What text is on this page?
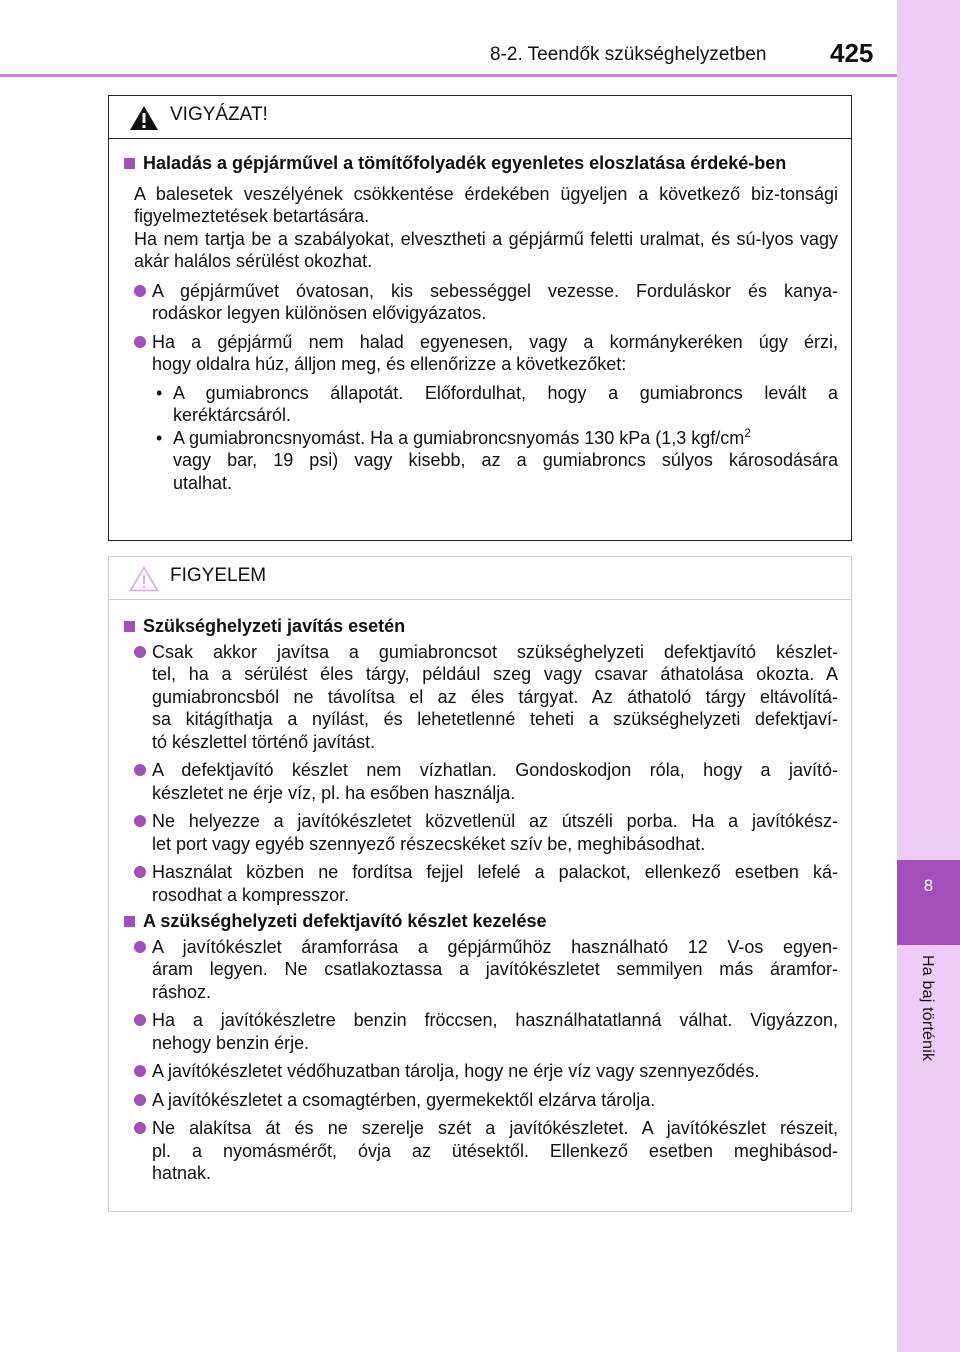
8-2. Teendők szükséghelyzetben 425
8
Ha baj történik
VIGYÁZAT!
Haladás a gépjárművel a tömítőfolyadék egyenletes eloszlatása érdeké-ben
A balesetek veszélyének csökkentése érdekében ügyeljen a következő biz-tonsági figyelmeztetések betartására.
Ha nem tartja be a szabályokat, elvesztheti a gépjármű feletti uralmat, és sú-lyos vagy akár halálos sérülést okozhat.
A gépjárművet óvatosan, kis sebességgel vezesse. Forduláskor és kanya-
rodáskor legyen különösen elővigyázatos.
Ha a gépjármű nem halad egyenesen, vagy a kormánykeréken úgy érzi,
hogy oldalra húz, álljon meg, és ellenőrizze a következőket:
• A gumiabroncs állapotát. Előfordulhat, hogy a gumiabroncs levált a
keréktárcsáról.
• A gumiabroncsnyomást. Ha a gumiabroncsnyomás 130 kPa (1,3 kgf/$cm^2$
vagy bar, 19 psi) vagy kisebb, az a gumiabroncs súlyos károsodására
utalhat.
FIGYELEM
Szükséghelyzeti javítás esetén
Csak akkor javítsa a gumiabroncsot szükséghelyzeti defektjavító készlet-
tel, ha a sérülést éles tárgy, például szeg vagy csavar áthatolása okozta. A
gumiabroncsból ne távolítsa el az éles tárgyat. Az áthatoló tárgy eltávolítá-
sa kitágíthatja a nyílást, és lehetetlenné teheti a szükséghelyzeti defektjaví-
tó készlettel történő javítást.
A defektjavító készlet nem vízhatlan. Gondoskodjon róla, hogy a javító-
készletet ne érje víz, pl. ha esőben használja.
Ne helyezze a javítókészletet közvetlenül az útszéli porba. Ha a javítókész-
let port vagy egyéb szennyező részecskéket szív be, meghibásodhat.
Használat közben ne fordítsa fejjel lefelé a palackot, ellenkező esetben ká-
rosodhat a kompresszor.
A szükséghelyzeti defektjavító készlet kezelése
A javítókészlet áramforrása a gépjárműhöz használható 12 V-os egyen-
áram legyen. Ne csatlakoztassa a javítókészletet semmilyen más áramfor-
ráshoz.
Ha a javítókészletre benzin fröccsen, használhatatlanná válhat. Vigyázzon,
nehogy benzin érje.
A javítókészletet védőhuzatban tárolja, hogy ne érje víz vagy szennyeződés.
A javítókészletet a csomagtérben, gyermekektől elzárva tárolja.
Ne alakítsa át és ne szerelje szét a javítókészletet. A javítókészlet részeit,
pl. a nyomásmérőt, óvja az ütésektől. Ellenkező esetben meghibásod-
hatnak.
